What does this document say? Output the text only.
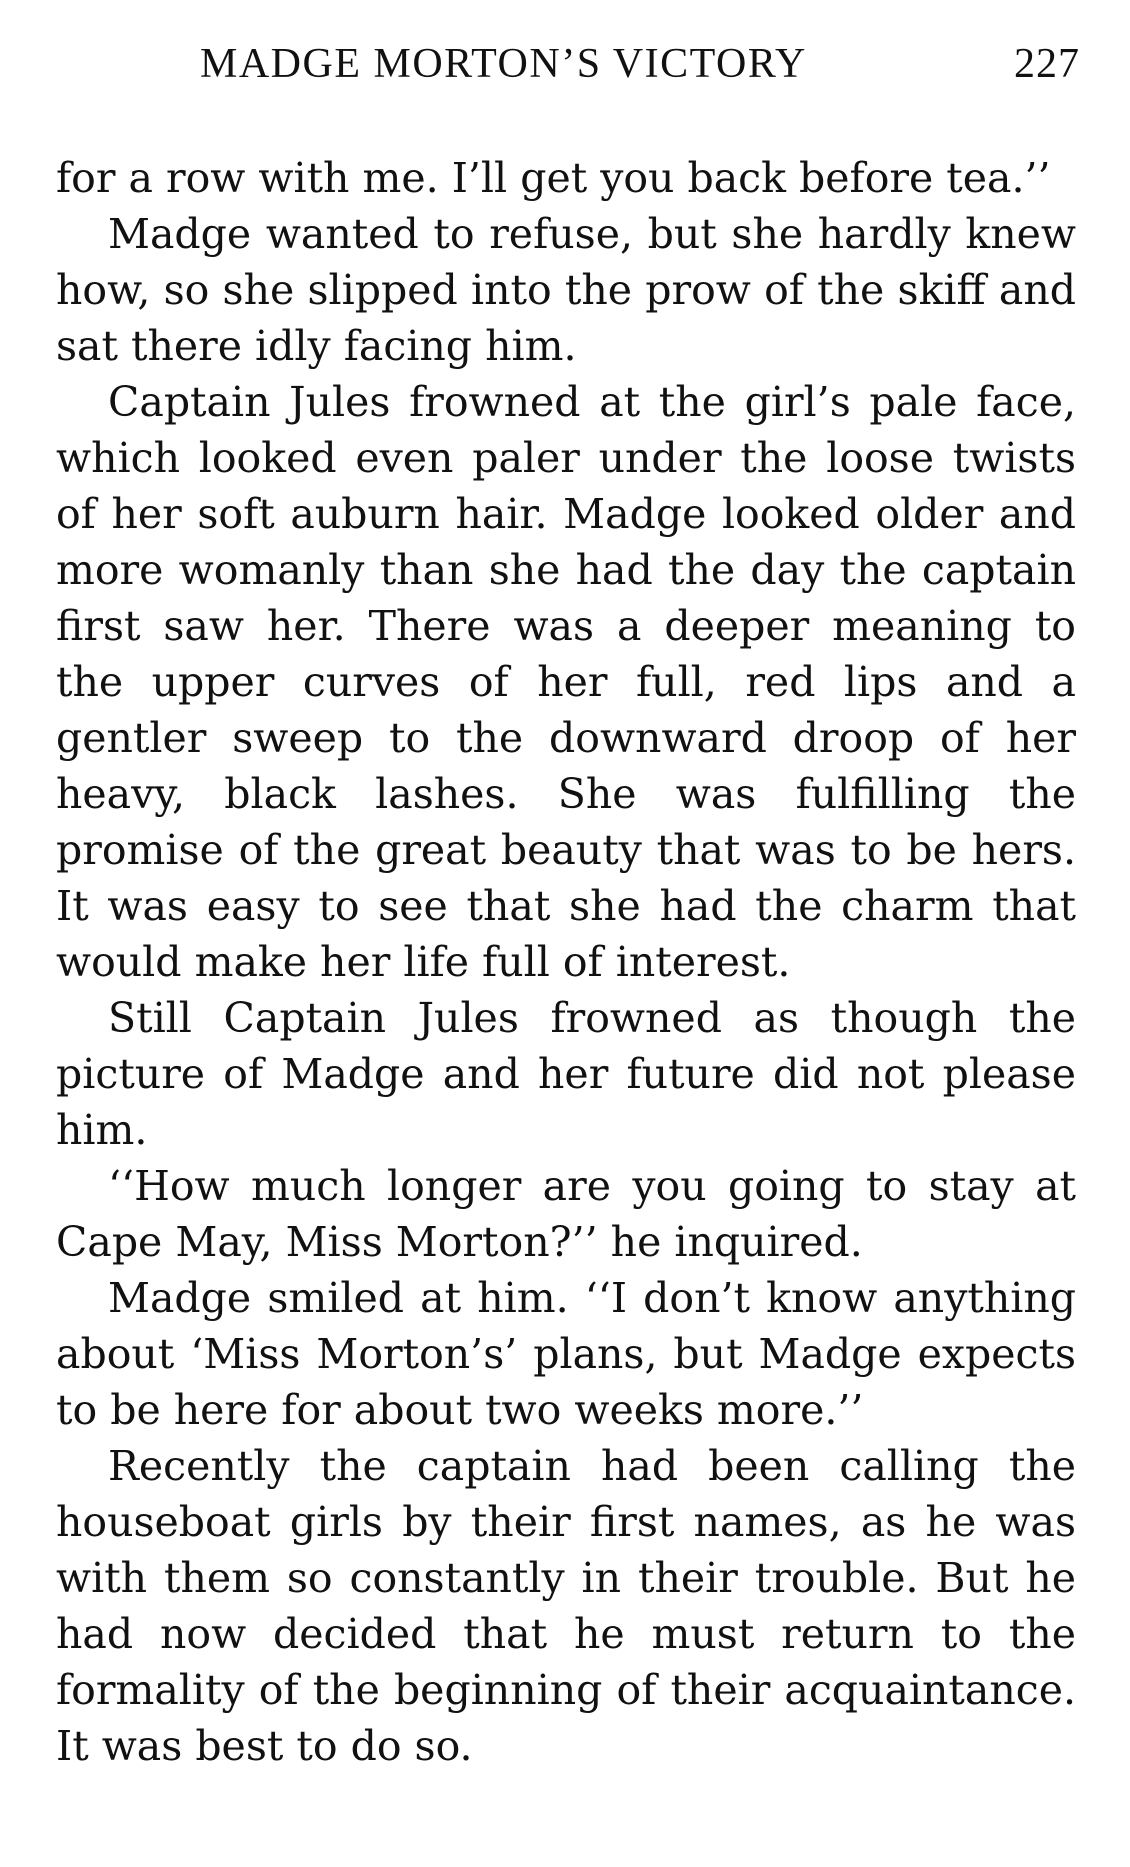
MADGE MORTON’S VICTORY	227

for a row with me. I’ll get you back before tea.’’

Madge wanted to refuse, but she hardly knew how, so she slipped into the prow of the skiff and sat there idly facing him.

Captain Jules frowned at the girl’s pale face, which looked even paler under the loose twists of her soft auburn hair. Madge looked older and more womanly than she had the day the captain first saw her. There was a deeper meaning to the upper curves of her full, red lips and a gentler sweep to the downward droop of her heavy, black lashes. She was fulfilling the promise of the great beauty that was to be hers. It was easy to see that she had the charm that would make her life full of interest.

Still Captain Jules frowned as though the picture of Madge and her future did not please him.

‘‘How much longer are you going to stay at Cape May, Miss Morton?’’ he inquired.

Madge smiled at him. ‘‘I don’t know anything about ‘Miss Morton’s’ plans, but Madge expects to be here for about two weeks more.’’

Recently the captain had been calling the houseboat girls by their first names, as he was with them so constantly in their trouble. But he had now decided that he must return to the formality of the beginning of their acquaintance. It was best to do so.
